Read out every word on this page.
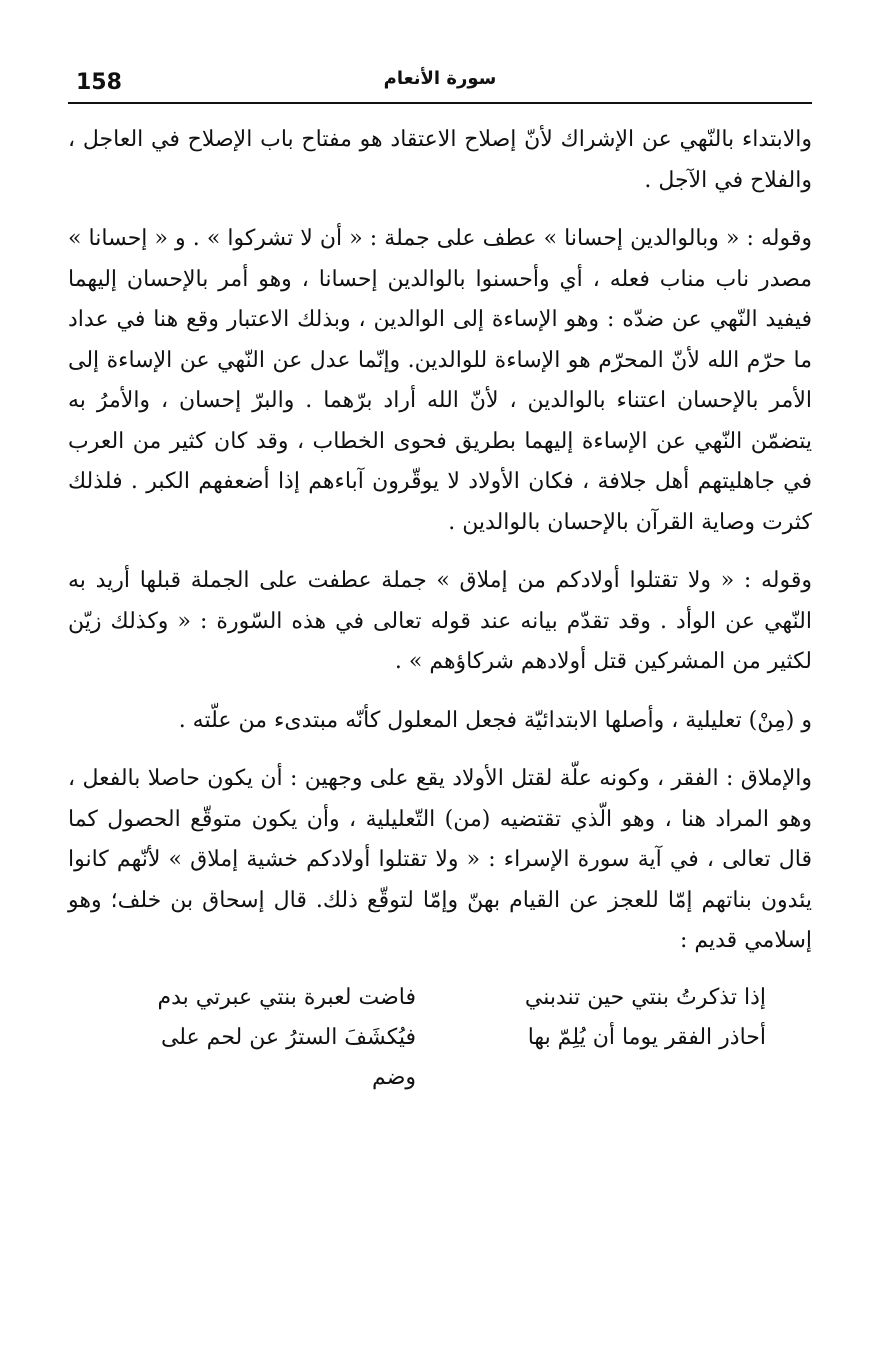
158	سورة الأنعام

والابتداء بالنّهي عن الإشراك لأنّ إصلاح الاعتقاد هو مفتاح باب الإصلاح في العاجل ، والفلاح في الآجل .

وقوله : « وبالوالدين إحسانا » عطف على جملة : « أن لا تشركوا » . و « إحسانا » مصدر ناب مناب فعله ، أي وأحسنوا بالوالدين إحسانا ، وهو أمر بالإحسان إليهما فيفيد النّهي عن ضدّه : وهو الإساءة إلى الوالدين ، وبذلك الاعتبار وقع هنا في عداد ما حرّم الله لأنّ المحرّم هو الإساءة للوالدين. وإنّما عدل عن النّهي عن الإساءة إلى الأمر بالإحسان اعتناء بالوالدين ، لأنّ الله أراد برّهما . والبرّ إحسان ، والأمرُ به يتضمّن النّهي عن الإساءة إليهما بطريق فحوى الخطاب ، وقد كان كثير من العرب في جاهليتهم أهل جلافة ، فكان الأولاد لا يوقّرون آباءهم إذا أضعفهم الكبر . فلذلك كثرت وصاية القرآن بالإحسان بالوالدين .

وقوله : « ولا تقتلوا أولادكم من إملاق » جملة عطفت على الجملة قبلها أريد به النّهي عن الوأد . وقد تقدّم بيانه عند قوله تعالى في هذه السّورة : « وكذلك زيّن لكثير من المشركين قتل أولادهم شركاؤهم » .

و (مِنْ) تعليلية ، وأصلها الابتدائيّة فجعل المعلول كأنّه مبتدىء من علّته .

والإملاق : الفقر ، وكونه علّة لقتل الأولاد يقع على وجهين : أن يكون حاصلا بالفعل ، وهو المراد هنا ، وهو الّذي تقتضيه (من) التّعليلية ، وأن يكون متوقّع الحصول كما قال تعالى ، في آية سورة الإسراء : « ولا تقتلوا أولادكم خشية إملاق » لأنّهم كانوا يئدون بناتهم إمّا للعجز عن القيام بهنّ وإمّا لتوقّع ذلك. قال إسحاق بن خلف؛ وهو إسلامي قديم :

إذا تذكرتُ بنتي حين تندبني
فاضت لعبرة بنتي عبرتي بدم
أحاذر الفقر يوما أن يُلِمّ بها
فيُكشَفَ السترُ عن لحم على وضم
